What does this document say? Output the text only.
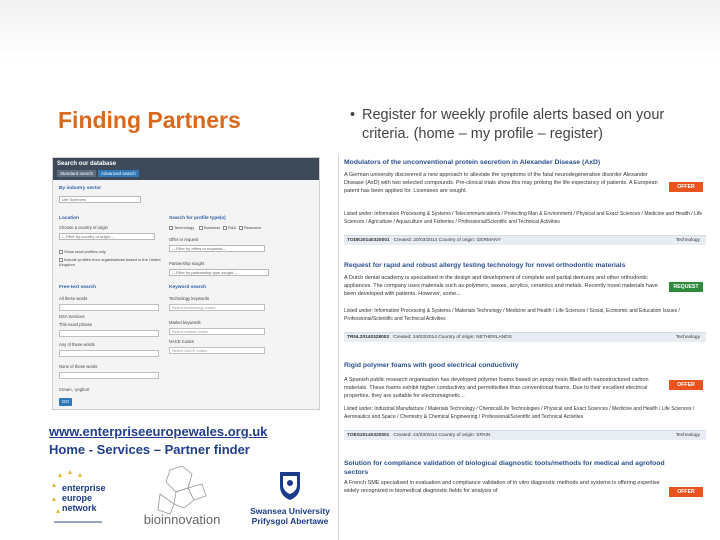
Finding Partners	• Register for weekly profile alerts based on your criteria. (home – my profile – register)
Search our database
Standard search	Advanced search
By industry sector
Life Sciences
Location
Choose a country of origin
---Filter by country of origin---
Search for profile type(s)
Technology	Business	R&D	Research
Offer or request
---Filter by offers or requests---
Show local profiles only
Include profiles from organisations based in the United Kingdom	Partnership sought
---Filter by partnership type sought---
Free-text search	Keyword search
All these words	Technology keywords
Select technology codes
DSA Services
This exact phrase	Market keywords
Select market codes
NACE Codes
Select NACE codes
Any of these words
None of these words
Cream, -yoghurt
GO
www.enterpriseeuropewales.org.uk
Home - Services – Partner finder
enterprise
europe
network
bioinnovation
Swansea University
Prifysgol Abertawe
Modulators of the unconventional protein secretion in Alexander Disease (AxD)
A German university discovered a new approach to alleviate the symptoms of the fatal neurodegenerative disorder Alexander Disease (AxD) with two selected compounds. Pre-clinical trials show this may prolong the life expectancy of patients. A European patent has been applied for. Licensees are sought.
OFFER
Listed under: Information Processing & Systems / Telecommunications / Protecting Man & Environment / Physical and Exact Sciences / Medicine and Health / Life Sciences / Agriculture / Aquaculture and Fisheries / Professional/Scientific and Technical Activities
TODE20140320001 Created: 20/03/2014 Country of origin: GERMANY	Technology
Request for rapid and robust allergy testing technology for novel orthodontic materials
A Dutch dental academy is specialised in the design and development of complete and partial dentures and other orthodontic appliances. The company uses materials such as polymers, waxes, acrylics, ceramics and metals. Recently novel materials have been developed with patients. However, some...
REQUEST
Listed under: Information Processing & Systems / Materials Technology / Medicine and Health / Life Sciences / Social, Economic and Education Issues / Professional/Scientific and Technical Activities
TRNL20140328002 Created: 24/03/2014 Country of origin: NETHERLANDS	Technology
Rigid polymer foams with good electrical conductivity
A Spanish public research organisation has developed polymer foams based on epoxy resin filled with nanostructured carbon materials. These foams exhibit higher conductivity and permittivities than conventional foams. Due to their excellent electrical properties, they are suitable for electromagnetic...
OFFER
Listed under: Industrial Manufacture / Materials Technology / Chemical/Life Technologies / Physical and Exact Sciences / Medicine and Health / Life Sciences / Aeronautics and Space / Chemistry & Chemical Engineering / Professional/Scientific and Technical Activities
TOES20140320001 Created: 24/03/2014 Country of origin: SPAIN	Technology
Solution for compliance validation of biological diagnostic tools/methods for medical and agrofood sectors
A French SME specialised in evaluation and compliance validation of in vitro diagnostic methods and systems is offering expertise widely recognized in biomedical diagnostic fields for analysis of	OFFER
